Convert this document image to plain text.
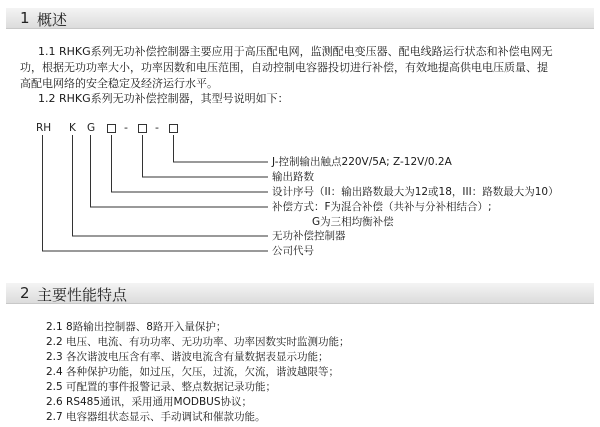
1 概述
1.1 RHKG系列无功补偿控制器主要应用于高压配电网，监测配电变压器、配电线路运行状态和补偿电网无
功，根据无功功率大小，功率因数和电压范围，自动控制电容器投切进行补偿，有效地提高供电电压质量、提
高配电网络的安全稳定及经济运行水平。
1.2 RHKG系列无功补偿控制器，其型号说明如下：
RH K G	- -
J-控制输出触点220V/5A; Z-12V/0.2A
输出路数
设计序号（II：输出路数最大为12或18，III：路数最大为10）
补偿方式：F为混合补偿（共补与分补相结合）;
G为三相均衡补偿
无功补偿控制器
公司代号
2 主要性能特点
2.1 8路输出控制器、8路开入量保护；
2.2 电压、电流、有功功率、无功功率、功率因数实时监测功能；
2.3 各次谐波电压含有率、谐波电流含有量数据表显示功能；
2.4 各种保护功能，如过压，欠压，过流，欠流，谐波越限等；
2.5 可配置的事件报警记录、整点数据记录功能；
2.6 RS485通讯，采用通用MODBUS协议；
2.7 电容器组状态显示、手动调试和催款功能。
